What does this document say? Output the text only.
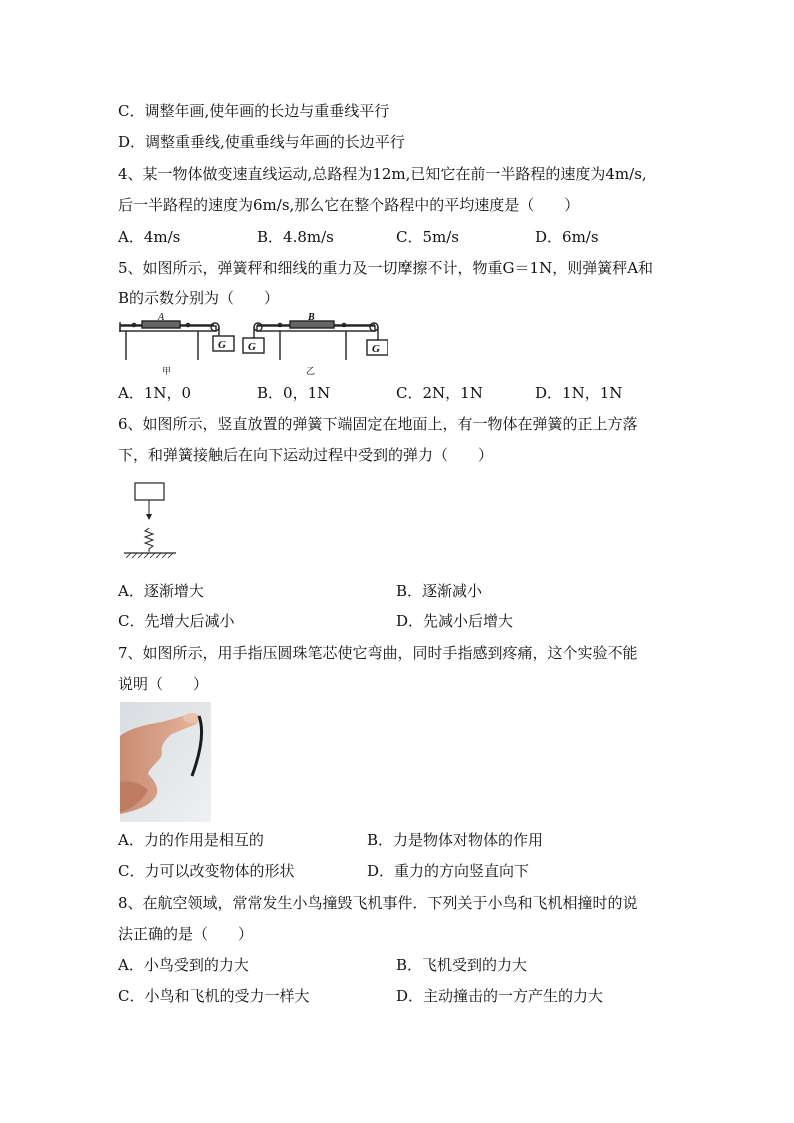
C．调整年画,使年画的长边与重垂线平行
D．调整重垂线,使重垂线与年画的长边平行
4、某一物体做变速直线运动,总路程为12m,已知它在前一半路程的速度为4m/s,
后一半路程的速度为6m/s,那么它在整个路程中的平均速度是（　　）
A．4m/s	B．4.8m/s	C．5m/s	D．6m/s
5、如图所示，弹簧秤和细线的重力及一切摩擦不计，物重G＝1N，则弹簧秤A和
B的示数分别为（　　）
A
G
甲
B
G	G
乙
A．1N，0	B．0，1N	C．2N，1N	D．1N，1N
6、如图所示，竖直放置的弹簧下端固定在地面上，有一物体在弹簧的正上方落
下，和弹簧接触后在向下运动过程中受到的弹力（　　）
A．逐渐增大	B．逐渐减小
C．先增大后减小	D．先减小后增大
7、如图所示，用手指压圆珠笔芯使它弯曲，同时手指感到疼痛，这个实验不能
说明（　　）
A．力的作用是相互的	B．力是物体对物体的作用
C．力可以改变物体的形状	D．重力的方向竖直向下
8、在航空领域，常常发生小鸟撞毁飞机事件．下列关于小鸟和飞机相撞时的说
法正确的是（　　）
A．小鸟受到的力大	B．飞机受到的力大
C．小鸟和飞机的受力一样大	D．主动撞击的一方产生的力大
